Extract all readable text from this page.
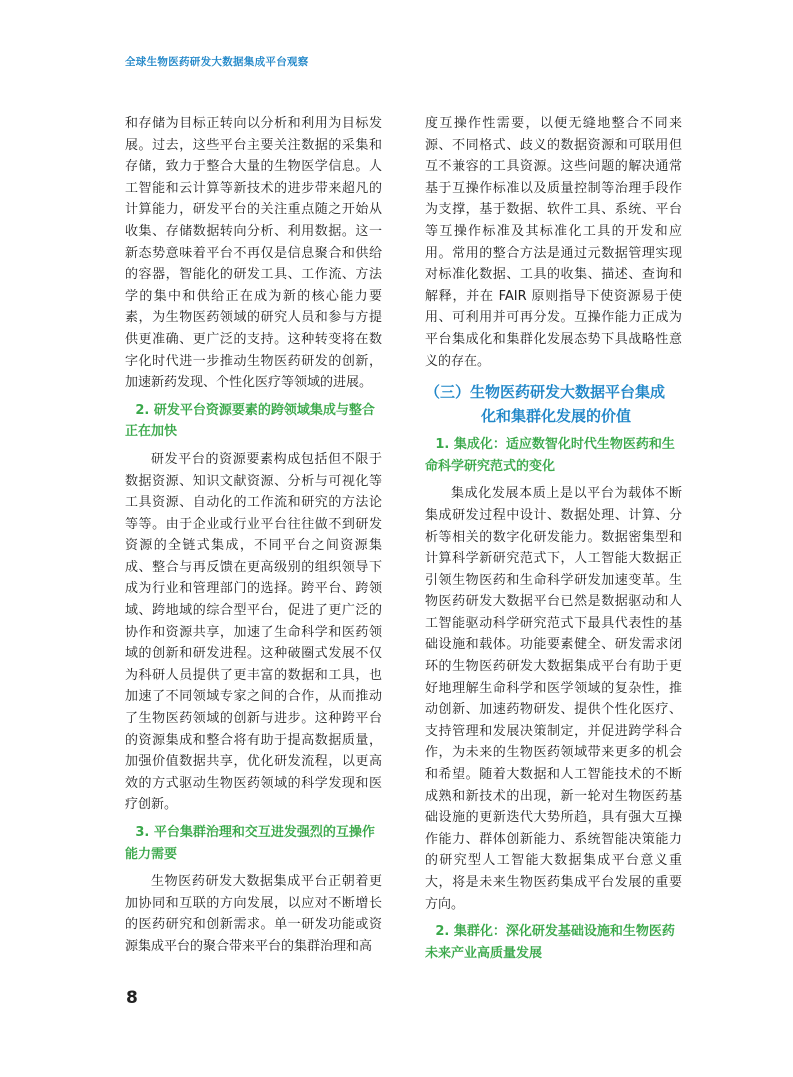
全球生物医药研发大数据集成平台观察

和存储为目标正转向以分析和利用为目标发展。过去，这些平台主要关注数据的采集和存储，致力于整合大量的生物医学信息。人工智能和云计算等新技术的进步带来超凡的计算能力，研发平台的关注重点随之开始从收集、存储数据转向分析、利用数据。这一新态势意味着平台不再仅是信息聚合和供给的容器，智能化的研发工具、工作流、方法学的集中和供给正在成为新的核心能力要素，为生物医药领域的研究人员和参与方提供更准确、更广泛的支持。这种转变将在数字化时代进一步推动生物医药研发的创新，加速新药发现、个性化医疗等领域的进展。

2. 研发平台资源要素的跨领域集成与整合正在加快

研发平台的资源要素构成包括但不限于数据资源、知识文献资源、分析与可视化等工具资源、自动化的工作流和研究的方法论等等。由于企业或行业平台往往做不到研发资源的全链式集成，不同平台之间资源集成、整合与再反馈在更高级别的组织领导下成为行业和管理部门的选择。跨平台、跨领域、跨地域的综合型平台，促进了更广泛的协作和资源共享，加速了生命科学和医药领域的创新和研发进程。这种破圈式发展不仅为科研人员提供了更丰富的数据和工具，也加速了不同领域专家之间的合作，从而推动了生物医药领域的创新与进步。这种跨平台的资源集成和整合将有助于提高数据质量，加强价值数据共享，优化研发流程，以更高效的方式驱动生物医药领域的科学发现和医疗创新。

3. 平台集群治理和交互进发强烈的互操作能力需要

生物医药研发大数据集成平台正朝着更加协同和互联的方向发展，以应对不断增长的医药研究和创新需求。单一研发功能或资源集成平台的聚合带来平台的集群治理和高

度互操作性需要，以便无缝地整合不同来源、不同格式、歧义的数据资源和可联用但互不兼容的工具资源。这些问题的解决通常基于互操作标准以及质量控制等治理手段作为支撑，基于数据、软件工具、系统、平台等互操作标准及其标准化工具的开发和应用。常用的整合方法是通过元数据管理实现对标准化数据、工具的收集、描述、查询和解释，并在 FAIR 原则指导下使资源易于使用、可利用并可再分发。互操作能力正成为平台集成化和集群化发展态势下具战略性意义的存在。

（三）生物医药研发大数据平台集成
化和集群化发展的价值
1. 集成化：适应数智化时代生物医药和生命科学研究范式的变化

集成化发展本质上是以平台为载体不断集成研发过程中设计、数据处理、计算、分析等相关的数字化研发能力。数据密集型和计算科学新研究范式下，人工智能大数据正引领生物医药和生命科学研发加速变革。生物医药研发大数据平台已然是数据驱动和人工智能驱动科学研究范式下最具代表性的基础设施和载体。功能要素健全、研发需求闭环的生物医药研发大数据集成平台有助于更好地理解生命科学和医学领域的复杂性，推动创新、加速药物研发、提供个性化医疗、支持管理和发展决策制定，并促进跨学科合作，为未来的生物医药领域带来更多的机会和希望。随着大数据和人工智能技术的不断成熟和新技术的出现，新一轮对生物医药基础设施的更新迭代大势所趋，具有强大互操作能力、群体创新能力、系统智能决策能力的研究型人工智能大数据集成平台意义重大，将是未来生物医药集成平台发展的重要方向。

2. 集群化：深化研发基础设施和生物医药未来产业高质量发展
8
